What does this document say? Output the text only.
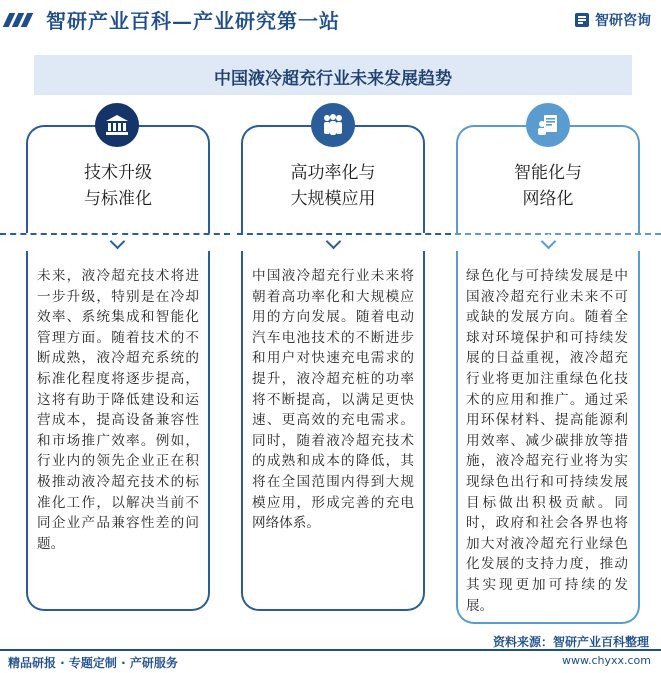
智研产业百科—产业研究第一站	智研咨询
中国液冷超充行业未来发展趋势
技术升级
与标准化
未来，液冷超充技术将进一步升级，特别是在冷却效率、系统集成和智能化管理方面。随着技术的不断成熟，液冷超充系统的标准化程度将逐步提高，这将有助于降低建设和运营成本，提高设备兼容性和市场推广效率。例如，行业内的领先企业正在积极推动液冷超充技术的标准化工作，以解决当前不同企业产品兼容性差的问题。
高功率化与
大规模应用
中国液冷超充行业未来将朝着高功率化和大规模应用的方向发展。随着电动汽车电池技术的不断进步和用户对快速充电需求的提升，液冷超充桩的功率将不断提高，以满足更快速、更高效的充电需求。同时，随着液冷超充技术的成熟和成本的降低，其将在全国范围内得到大规模应用，形成完善的充电网络体系。
智能化与
网络化
绿色化与可持续发展是中国液冷超充行业未来不可或缺的发展方向。随着全球对环境保护和可持续发展的日益重视，液冷超充行业将更加注重绿色化技术的应用和推广。通过采用环保材料、提高能源利用效率、减少碳排放等措施，液冷超充行业将为实现绿色出行和可持续发展目标做出积极贡献。同时，政府和社会各界也将加大对液冷超充行业绿色化发展的支持力度，推动其实现更加可持续的发展。
资料来源：智研产业百科整理
精品研报 · 专题定制 · 产研服务	www.chyxx.com
